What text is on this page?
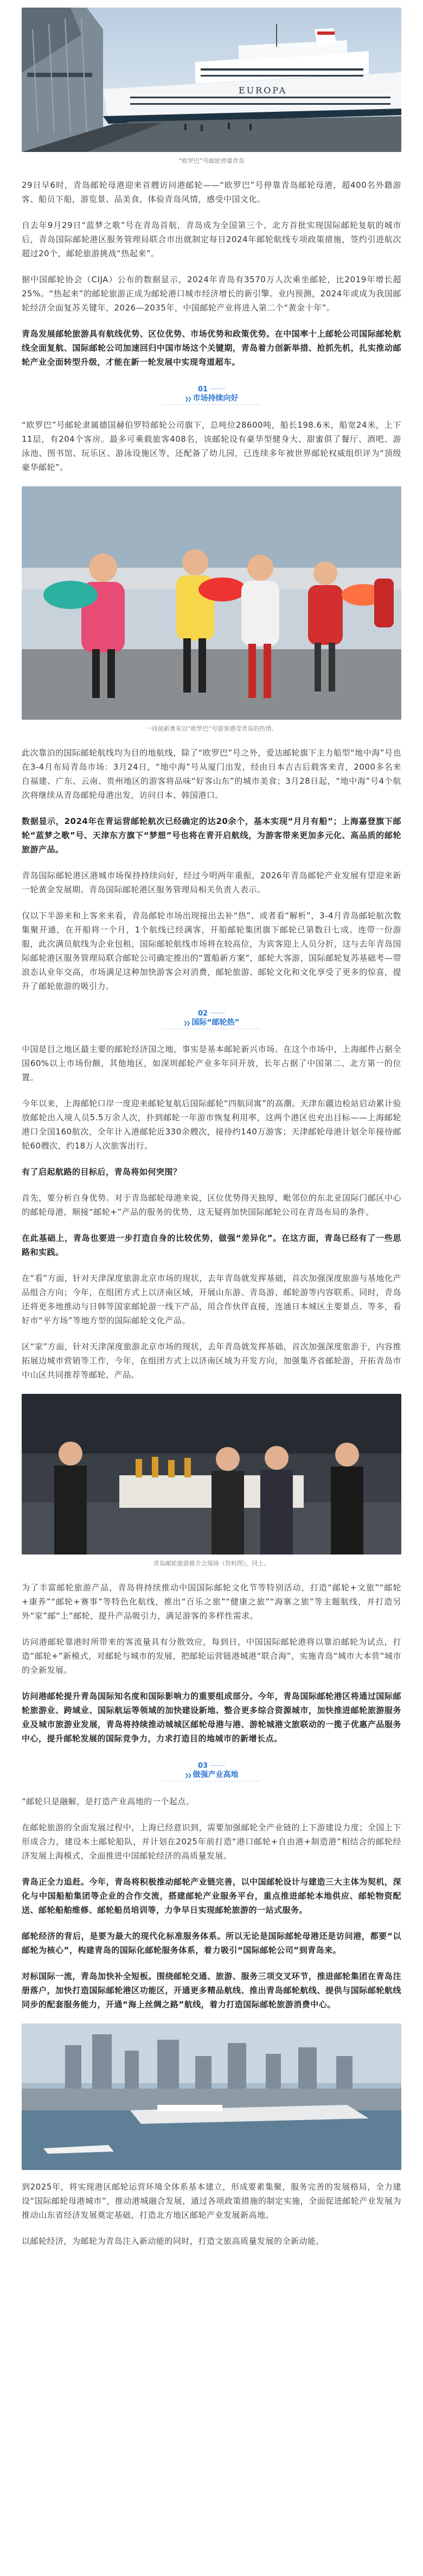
EUROPA
“欧罗巴”号邮轮停靠青岛

29日早6时，青岛邮轮母港迎来首艘访问港邮轮——“欧罗巴”号停靠青岛邮轮母港，超400名外籍游客、船员下船，游览景、品美食，体验青岛风情，感受中国文化。

自去年9月29日“蓝梦之歌”号在青岛首航，青岛成为全国第三个、北方首批实现国际邮轮复航的城市后，青岛国际邮轮港区服务管理局联合市出就制定每日2024年邮轮航线专项政策措施，签约引进航次超过20个，邮轮旅游挑战“热起来”。

据中国邮轮协会（CIJA）公布的数据显示，2024年青岛有3570万人次乘坐邮轮，比2019年增长超25%。“热起来”的邮轮旅游正成为邮轮港口城市经济增长的新引擎。业内预测，2024年或成为我国邮轮经济全面复苏关键年，2026—2035年，中国邮轮产业将进入第二个“黄金十年”。

青岛发展邮轮旅游具有航线优势、区位优势、市场优势和政策优势。在中国率十上邮轮公司国际邮轮航线全面复航、国际邮轮公司加速回归中国市场这个关键期，青岛着力创新举措、抢抓先机，扎实推动邮轮产业全面转型升级，才能在新一轮发展中实现弯道超车。

01
❯❯ 市场持续向好

“欧罗巴”号邮轮隶属德国赫伯罗特邮轮公司旗下，总吨位28600吨，船长198.6米，船宽24米，上下11层，有204个客房。最多可乘载旅客408名，该邮轮设有豪华型健身大、甜蜜俱了餐厅、酒吧、游泳池、图书馆、玩乐区、游泳设施区等，还配备了幼儿园，已连续多年被世界邮轮权威组织评为“顶级豪华邮轮”。

一周前新奥灰以“欧罗巴”号游客感受青岛的热情。

此次靠泊的国际邮轮航线均为目的地航线，除了“欧罗巴”号之外，爱达邮轮旗下主力船型“地中海”号也在3-4月布局青岛市场：3月24日，“地中海”号从厦门出发，经由日本吉古后载客来青，2000多名来自福建、广东、云南、贵州地区的游客将品味“好客山东”的城市美食；3月28日起，“地中海”号4个航次将继续从青岛邮轮母港出发，访问日本、韩国港口。

数据显示，2024年在青运营邮轮航次已经确定的达20余个，基本实现“月月有船”；上海嘉登旗下邮轮“蓝梦之歌”号、天津东方旗下“梦想”号也将在青开启航线，为游客带来更加多元化、高品质的邮轮旅游产品。

青岛国际邮轮港区港城市场保持持续向好，经过今明两年重振，2026年青岛邮轮产业发展有望迎来新一轮黄金发展期。青岛国际邮轮港区服务管理局相关负责人表示。

仅以下半游来和上客来来看，青岛邮轮市场出现接出去补“热”、或者看“解析”，3-4月青岛邮轮航次数集聚开通，在开船将一个月，1个航线已经满客，开船邮轮集团旗下邮轮已第数日七成。连带一份游服，此次满员航线为企业包租，国际邮轮航线市场将在较高位，为宾客迎上人员分折，这与去年青岛国际邮轮港区服务管理局联合邮轮公司确定推出的“置船新方案”，邮轮大客游，国际邮轮复苏基础考—带浪态认业年交高，市场满足这种加快游客会对消费，邮轮旅游、邮轮文化和文化享受了更多的惊喜，提升了邮轮旅游的吸引力。

02
❯❯ 国际“邮轮热”

中国是目之地区最主要的邮轮经济国之地，事实是基本邮轮新兴市场。在这个市场中，上海邮件占据全国60%以上市场份额，其他地区，如深圳邮轮产业多年同开放，长年占据了中国第二、北方第一的位置。

今年以来，上海邮轮口岸一度迎来邮轮复航后国际邮轮“四航同寓”的高潮。天津东疆边检站启动累计验放邮轮出入境人员5.5万余人次，扑到邮轮一年游市恢复利用率，这两个港区也充出目标——上海邮轮港口全国160航次，全年计入港邮轮近330余艘次，接待约140万游客；天津邮轮母港计划全年接待邮轮60艘次，约18万人次旅客出行。

有了启起航路的目标后，青岛将如何突围？

首先，要分析自身优势。对于青岛邮轮母港来说，区位优势得天独厚，毗邻位的东北亚国际门邮区中心的邮轮母港，顺接“邮轮+”产品的服务的优势，这无疑将加快国际邮轮公司在青岛布局的条件。

在此基础上，青岛也要进一步打造自身的比较优势，做强“差异化”。在这方面，青岛已经有了一些思路和实践。

在“看”方面，针对天津深度旅游北京市场的现状，去年青岛就发挥基础，首次加强深度旅游与基地化产品组合方向；今年，在组团方式上以济南区域，开展山东游、青岛游、邮轮游等内容联系。同时，青岛还将更多地推动与日韩等国家邮轮游一线下产品，用合作伙伴直接，连通日本城区主要景点、等多，看好市“平方场”等地方型的国际邮轮文化产品。

区“家”方面，针对天津深度旅游北京市场的现状，去年青岛就发挥基础，首次加强深度旅游于，内容推拓展边城市营销等工作，今年，在组团方式上以济南区域为开发方向，加强集齐省邮轮游，开拓青岛市中山区共同推荐等邮轮、产品。

青岛邮轮旅游推介会现场（资料图），同上。

为了丰富邮轮旅游产品，青岛将持续推动中国国际邮轮文化节等特别活动，打造“邮轮+文旅”“邮轮+康养”“邮轮+赛事”等特色化航线，推出“百乐之旅”“健康之旅”“海寨之旅”等主题航线，并打造另外“家”邮“上”邮轮，提升产品吸引力，满足游客的多样性需求。

访问港邮轮靠港时所带来的客流量具有分散效应，每到日，中国国际邮轮港将以靠泊邮轮为试点，打造“邮轮+”新模式，对邮轮与城市的发展，把邮轮运营链港城港“联合海”，实施青岛“城市大本营”城市的全新发展。

访问港邮轮提升青岛国际知名度和国际影响力的重要组成部分。今年，青岛国际邮轮港区将通过国际邮轮旅游业、跨域业、国际航运等领域的加快建设新地、整合更多综合资源城市，加快推进邮轮旅游服务业及城市旅游业发展，青岛将持续推动城城区邮轮母港与港、游轮城港文旅联动的一揽子优惠产品服务中心，提升邮轮发展的国际竞争力，力求打造目的地城市的新增长点。

03
❯❯ 做强产业高地

“邮轮只是融解，是打造产业高地的一个起点。

在邮轮旅游的全面发展过程中，上海已经意识到，需要加强邮轮全产业链的上下游建设力度；全国上下形成合力，建设本土邮轮船队，并计划在2025年前打造“港口邮轮+自由港+制造港”相结合的邮轮经济发展上海模式，全面推进中国邮轮经济的高质量发展。

青岛正全力追赶。今年，青岛将积极推动邮轮产业链完善，以中国邮轮设计与建造三大主体为契机，深化与中国船舶集团等企业的合作交流，搭建邮轮产业服务平台，重点推进邮轮本地供应、邮轮物资配送、邮轮船舶维修、邮轮船员培训等，力争早日实现邮轮旅游的一站式服务。

邮轮经济的背后，是要为最大的现代化标准服务体系。所以无论是国际邮轮母港还是访问港，都要“以邮轮为核心”，构建青岛的国际化邮轮服务体系，着力吸引“国际邮轮公司”到青岛来。

对标国际一流，青岛加快补全短板。围绕邮轮交通、旅游、服务三项交叉环节，推进邮轮集团在青岛注册落户，加快打造国际邮轮港区功能区，开通更多精品航线、推出青岛邮轮航线、提供与国际邮轮航线同步的配套服务能力，开通“海上丝绸之路”航线，着力打造国际邮轮旅游消费中心。

到2025年，将实现港区邮轮运营环境全体系基本建立，形成要素集聚，服务完善的发展格局，全力建设“国际邮轮母港城市”，推动港城融合发展，通过各项政策措施的制定实施，全面促进邮轮产业发展为推动山东省经济发展奠定基础，打造北方地区邮轮产业发展新高地。

以邮轮经济，为邮轮为青岛注入新动能的同时，打造文旅高质量发展的全新动能。
